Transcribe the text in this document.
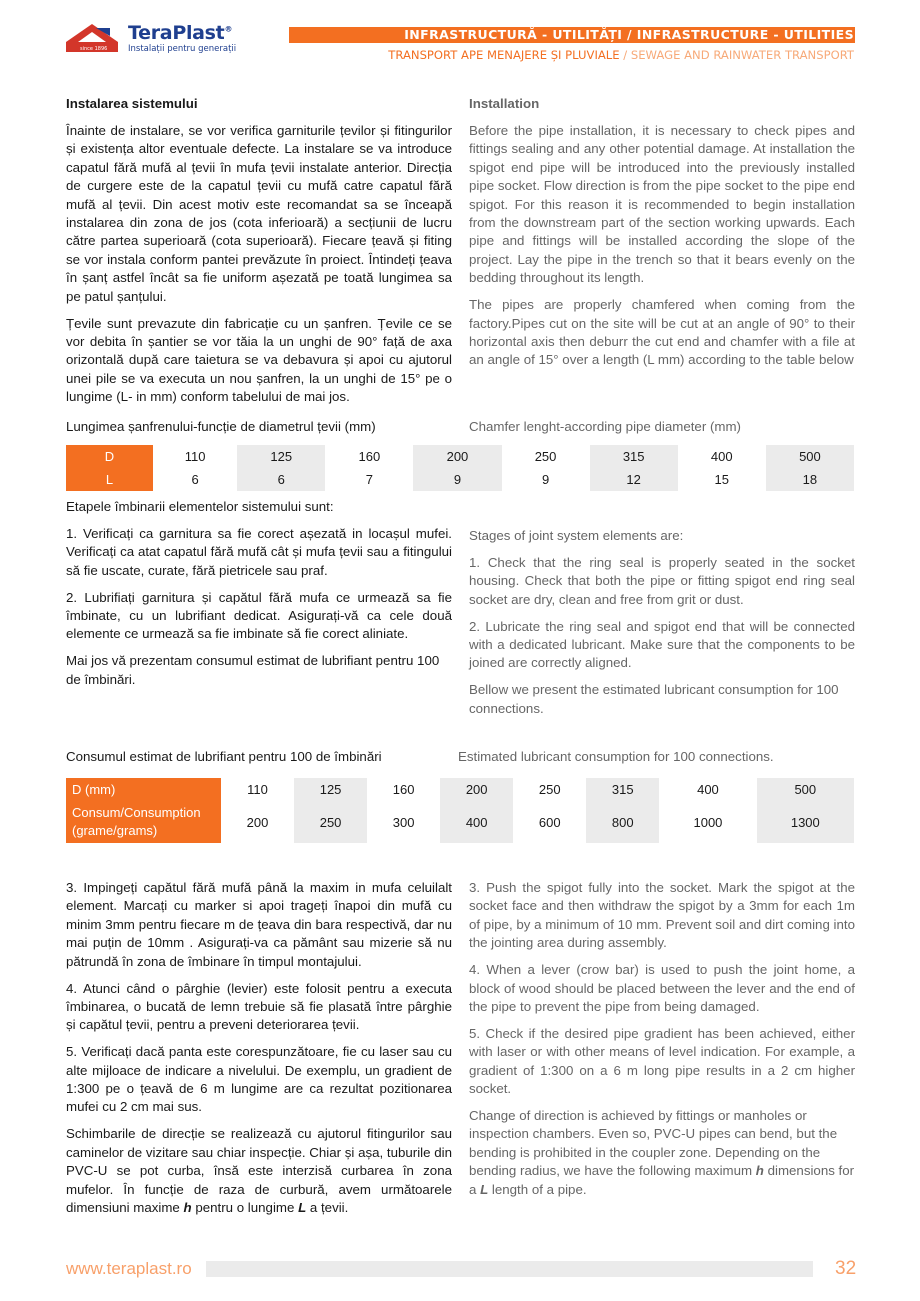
since 1896
TeraPlast®
Instalații pentru generații
INFRASTRUCTURĂ - UTILITĂȚI / INFRASTRUCTURE - UTILITIES
TRANSPORT APE MENAJERE ȘI PLUVIALE / SEWAGE AND RAINWATER TRANSPORT
Instalarea sistemului	Installation

Înainte de instalare, se vor verifica garniturile țevilor și fitingurilor și existența altor eventuale defecte. La instalare se va introduce capatul fără mufă al țevii în mufa țevii instalate anterior. Direcția de curgere este de la capatul țevii cu mufă catre capatul fără mufă al țevii. Din acest motiv este recomandat sa se înceapă instalarea din zona de jos (cota inferioară) a secțiunii de lucru către partea superioară (cota superioară). Fiecare țeavă și fiting se vor instala conform pantei prevăzute în proiect. Întindeți țeava în șanț astfel încât sa fie uniform așezată pe toată lungimea sa pe patul șanțului.

Țevile sunt prevazute din fabricație cu un șanfren. Țevile ce se vor debita în șantier se vor tăia la un unghi de 90° față de axa orizontală după care taietura se va debavura și apoi cu ajutorul unei pile se va executa un nou șanfren, la un unghi de 15° pe o lungime (L- in mm) conform tabelului de mai jos.

Before the pipe installation, it is necessary to check pipes and fittings sealing and any other potential damage. At installation the spigot end pipe will be introduced into the previously installed pipe socket. Flow direction is from the pipe socket to the pipe end spigot. For this reason it is recommended to begin installation from the downstream part of the section working upwards. Each pipe and fittings will be installed according the slope of the project. Lay the pipe in the trench so that it bears evenly on the bedding throughout its length.

The pipes are properly chamfered when coming from the factory.Pipes cut on the site will be cut at an angle of 90° to their horizontal axis then deburr the cut end and chamfer with a file at an angle of 15° over a length (L mm) according to the table below

Lungimea șanfrenului-funcție de diametrul țevii (mm)	Chamfer lenght-according pipe diameter (mm)
D	110	125	160	200	250	315	400	500
L	6	6	7	9	9	12	15	18

Etapele îmbinarii elementelor sistemului sunt:

1. Verificați ca garnitura sa fie corect așezată in locașul mufei. Verificați ca atat capatul fără mufă cât și mufa țevii sau a fitingului să fie uscate, curate, fără pietricele sau praf.

2. Lubrifiați garnitura și capătul fără mufa ce urmează sa fie îmbinate, cu un lubrifiant dedicat. Asigurați-vă ca cele două elemente ce urmează sa fie imbinate să fie corect aliniate.

Mai jos vă prezentam consumul estimat de lubrifiant pentru 100 de îmbinări.

Stages of joint system elements are:

1. Check that the ring seal is properly seated in the socket housing. Check that both the pipe or fitting spigot end ring seal socket are dry, clean and free from grit or dust.

2. Lubricate the ring seal and spigot end that will be connected with a dedicated lubricant. Make sure that the components to be joined are correctly aligned.

Bellow we present the estimated lubricant consumption for 100 connections.

Consumul estimat de lubrifiant pentru 100 de îmbinări	Estimated lubricant consumption for 100 connections.
D (mm)	110	125	160	200	250	315	400	500
Consum/Consumption
(grame/grams)	200	250	300	400	600	800	1000	1300

3. Impingeți capătul fără mufă până la maxim in mufa celuilalt element. Marcați cu marker si apoi trageți înapoi din mufă cu minim 3mm pentru fiecare m de țeava din bara respectivă, dar nu mai puțin de 10mm . Asigurați-va ca pământ sau mizerie să nu pătrundă în zona de îmbinare în timpul montajului.

4. Atunci când o pârghie (levier) este folosit pentru a executa îmbinarea, o bucată de lemn trebuie să fie plasată între pârghie și capătul țevii, pentru a preveni deteriorarea țevii.

5. Verificați dacă panta este corespunzătoare, fie cu laser sau cu alte mijloace de indicare a nivelului. De exemplu, un gradient de 1:300 pe o țeavă de 6 m lungime are ca rezultat pozitionarea mufei cu 2 cm mai sus.

Schimbarile de direcție se realizează cu ajutorul fitingurilor sau caminelor de vizitare sau chiar inspecție. Chiar și așa, tuburile din PVC-U se pot curba, însă este interzisă curbarea în zona mufelor. În funcție de raza de curbură, avem următoarele dimensiuni maxime h pentru o lungime L a țevii.

3. Push the spigot fully into the socket. Mark the spigot at the socket face and then withdraw the spigot by a 3mm for each 1m of pipe, by a minimum of 10 mm. Prevent soil and dirt coming into the jointing area during assembly.

4. When a lever (crow bar) is used to push the joint home, a block of wood should be placed between the lever and the end of the pipe to prevent the pipe from being damaged.

5. Check if the desired pipe gradient has been achieved, either with laser or with other means of level indication. For example, a gradient of 1:300 on a 6 m long pipe results in a 2 cm higher socket.

Change of direction is achieved by fittings or manholes or inspection chambers. Even so, PVC-U pipes can bend, but the bending is prohibited in the coupler zone. Depending on the bending radius, we have the following maximum h dimensions for a L length of a pipe.

www.teraplast.ro	32
